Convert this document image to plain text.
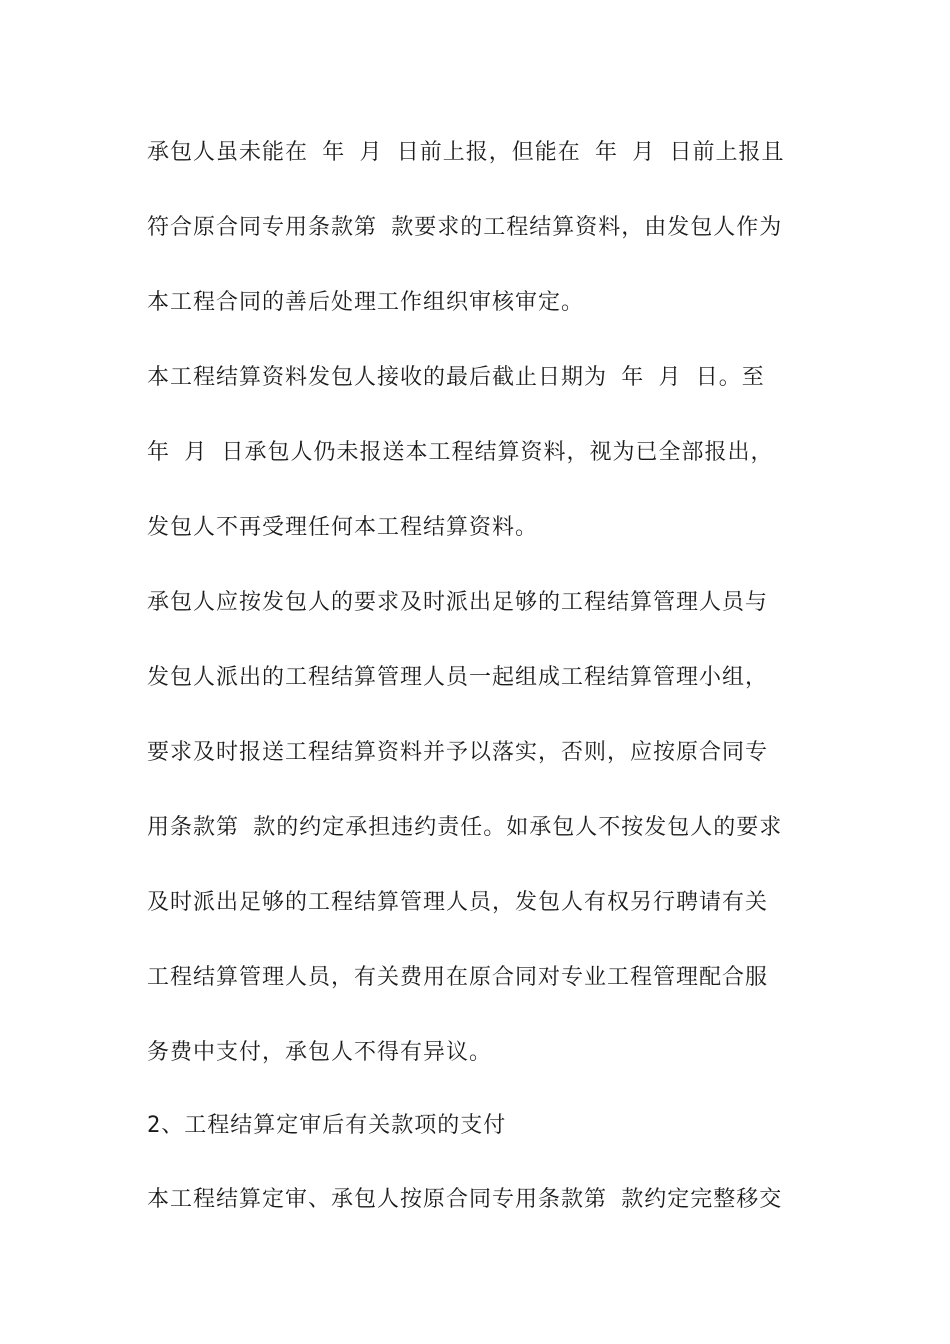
承包人虽未能在 年 月 日前上报，但能在 年 月 日前上报且

符合原合同专用条款第 款要求的工程结算资料，由发包人作为

本工程合同的善后处理工作组织审核审定。

本工程结算资料发包人接收的最后截止日期为 年 月 日。至

年 月 日承包人仍未报送本工程结算资料，视为已全部报出，

发包人不再受理任何本工程结算资料。

承包人应按发包人的要求及时派出足够的工程结算管理人员与

发包人派出的工程结算管理人员一起组成工程结算管理小组，

要求及时报送工程结算资料并予以落实，否则，应按原合同专

用条款第 款的约定承担违约责任。如承包人不按发包人的要求

及时派出足够的工程结算管理人员，发包人有权另行聘请有关

工程结算管理人员，有关费用在原合同对专业工程管理配合服

务费中支付，承包人不得有异议。

2、工程结算定审后有关款项的支付

本工程结算定审、承包人按原合同专用条款第 款约定完整移交
